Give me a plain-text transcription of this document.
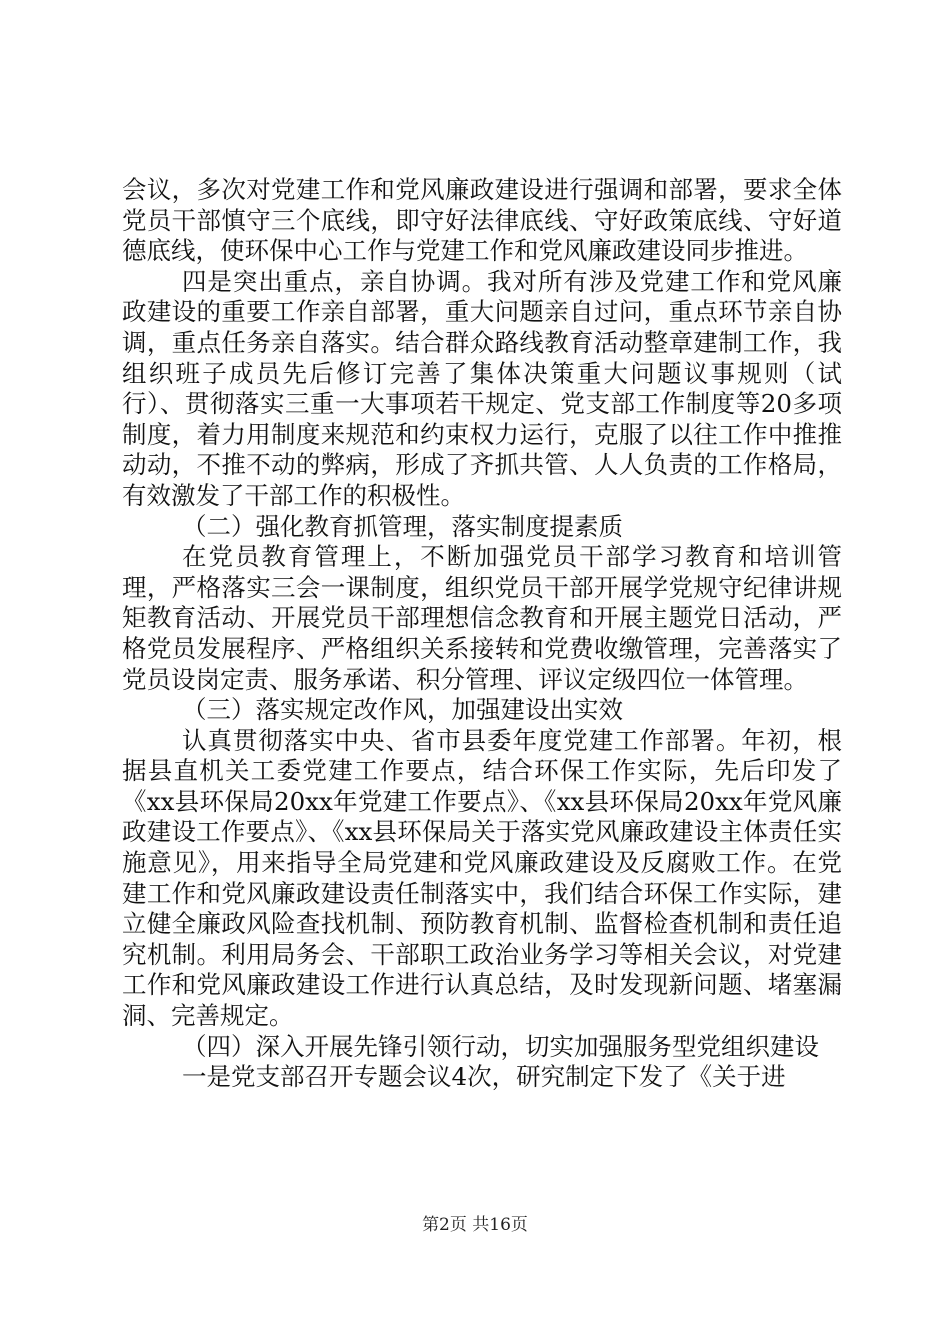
会议，多次对党建工作和党风廉政建设进行强调和部署，要求全体党员干部慎守三个底线，即守好法律底线、守好政策底线、守好道德底线，使环保中心工作与党建工作和党风廉政建设同步推进。

四是突出重点，亲自协调。我对所有涉及党建工作和党风廉政建设的重要工作亲自部署，重大问题亲自过问，重点环节亲自协调，重点任务亲自落实。结合群众路线教育活动整章建制工作，我组织班子成员先后修订完善了集体决策重大问题议事规则（试行）、贯彻落实三重一大事项若干规定、党支部工作制度等20多项制度，着力用制度来规范和约束权力运行，克服了以往工作中推推动动，不推不动的弊病，形成了齐抓共管、人人负责的工作格局，有效激发了干部工作的积极性。

（二）强化教育抓管理，落实制度提素质

在党员教育管理上，不断加强党员干部学习教育和培训管理，严格落实三会一课制度，组织党员干部开展学党规守纪律讲规矩教育活动、开展党员干部理想信念教育和开展主题党日活动，严格党员发展程序、严格组织关系接转和党费收缴管理，完善落实了党员设岗定责、服务承诺、积分管理、评议定级四位一体管理。

（三）落实规定改作风，加强建设出实效

认真贯彻落实中央、省市县委年度党建工作部署。年初，根据县直机关工委党建工作要点，结合环保工作实际，先后印发了《xx县环保局20xx年党建工作要点》、《xx县环保局20xx年党风廉政建设工作要点》、《xx县环保局关于落实党风廉政建设主体责任实施意见》，用来指导全局党建和党风廉政建设及反腐败工作。在党建工作和党风廉政建设责任制落实中，我们结合环保工作实际，建立健全廉政风险查找机制、预防教育机制、监督检查机制和责任追究机制。利用局务会、干部职工政治业务学习等相关会议，对党建工作和党风廉政建设工作进行认真总结，及时发现新问题、堵塞漏洞、完善规定。

（四）深入开展先锋引领行动，切实加强服务型党组织建设

一是党支部召开专题会议4次，研究制定下发了《关于进

第2页 共16页
